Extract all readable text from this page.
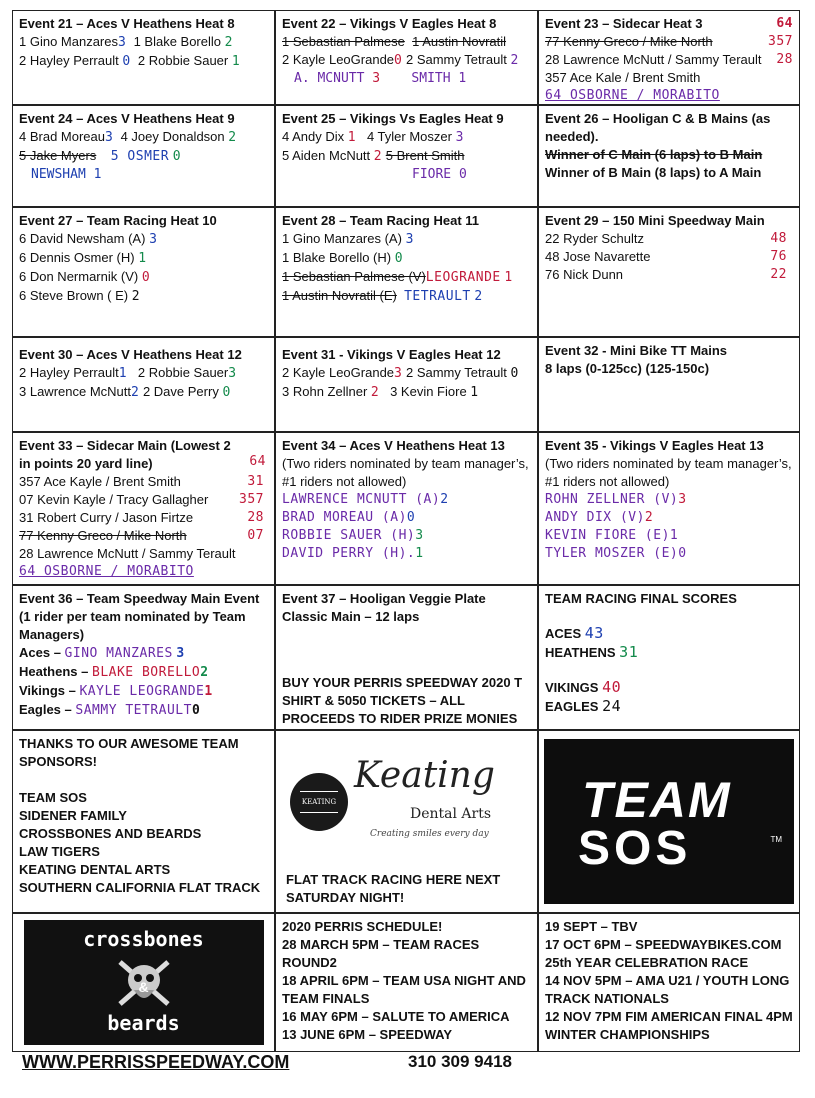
Event 21 – Aces V Heathens Heat 8
1 Gino Manzares3 1 Blake Borello 2
2 Hayley Perrault 0 2 Robbie Sauer 1
Event 22 – Vikings V Eagles Heat 8
1 Sebastian Palmese 1 Austin Novratil
2 Kayle LeoGrande0 2 Sammy Tetrault 2
A. MCNUTT 3 SMITH 1
Event 23 – Sidecar Heat 3	64
77 Kenny Greco / Mike North	357
28 Lawrence McNutt / Sammy Terault 28
357 Ace Kale / Brent Smith
64 OSBORNE / MORABITO
Event 24 – Aces V Heathens Heat 9
4 Brad Moreau3 4 Joey Donaldson 2
5 Jake Myers 5 OSMER 0
NEWSHAM 1
Event 25 – Vikings Vs Eagles Heat 9
4 Andy Dix 1 4 Tyler Moszer 3
5 Aiden McNutt 2 5 Brent Smith
FIORE 0
Event 26 – Hooligan C & B Mains (as needed).
Winner of C Main (6 laps) to B Main
Winner of B Main (8 laps) to A Main
Event 27 – Team Racing Heat 10
6 David Newsham (A) 3
6 Dennis Osmer (H) 1
6 Don Nermarnik (V) 0
6 Steve Brown ( E) 2
Event 28 – Team Racing Heat 11
1 Gino Manzares (A) 3
1 Blake Borello (H) 0
1 Sebastian Palmese (V)LEOGRANDE 1
1 Austin Novratil (E) TETRAULT 2
Event 29 – 150 Mini Speedway Main
22 Ryder Schultz	48
48 Jose Navarette	76
76 Nick Dunn	22
Event 30 – Aces V Heathens Heat 12
2 Hayley Perrault1 2 Robbie Sauer3
3 Lawrence McNutt2 2 Dave Perry 0
Event 31 - Vikings V Eagles Heat 12
2 Kayle LeoGrande3 2 Sammy Tetrault 0
3 Rohn Zellner 2 3 Kevin Fiore 1
Event 32 - Mini Bike TT Mains
8 laps (0-125cc) (125-150c)
Event 33 – Sidecar Main (Lowest 2 in points 20 yard line)	64
357 Ace Kayle / Brent Smith	31
07 Kevin Kayle / Tracy Gallagher 357
31 Robert Curry / Jason Firtze	28
77 Kenny Greco / Mike North	07
28 Lawrence McNutt / Sammy Terault
64 OSBORNE / MORABITO
Event 34 – Aces V Heathens Heat 13
(Two riders nominated by team manager’s, #1 riders not allowed)
LAWRENCE MCNUTT (A)2
BRAD MOREAU (A)0
ROBBIE SAUER (H)3
DAVID PERRY (H).1
Event 35 - Vikings V Eagles Heat 13
(Two riders nominated by team manager’s, #1 riders not allowed)
ROHN ZELLNER (V)3
ANDY DIX (V)2
KEVIN FIORE (E)1
TYLER MOSZER (E)0
Event 36 – Team Speedway Main Event (1 rider per team nominated by Team Managers)
Aces – GINO MANZARES 3
Heathens – BLAKE BORELLO2
Vikings – KAYLE LEOGRANDE1
Eagles – SAMMY TETRAULT0
Event 37 – Hooligan Veggie Plate Classic Main – 12 laps
BUY YOUR PERRIS SPEEDWAY 2020 T SHIRT & 5050 TICKETS – ALL PROCEEDS TO RIDER PRIZE MONIES
TEAM RACING FINAL SCORES
ACES 43
HEATHENS 31
VIKINGS 40
EAGLES 24
THANKS TO OUR AWESOME TEAM SPONSORS!
TEAM SOS
SIDENER FAMILY
CROSSBONES AND BEARDS
LAW TIGERS
KEATING DENTAL ARTS
SOUTHERN CALIFORNIA FLAT TRACK
KEATING
Keating
Dental Arts
Creating smiles every day
FLAT TRACK RACING HERE NEXT SATURDAY NIGHT!
TEAM
SOS	TM
crossbones
&
beards
2020 PERRIS SCHEDULE!
28 MARCH 5PM – TEAM RACES ROUND2
18 APRIL 6PM – TEAM USA NIGHT AND TEAM FINALS
16 MAY 6PM – SALUTE TO AMERICA
13 JUNE 6PM – SPEEDWAY
19 SEPT – TBV
17 OCT 6PM – SPEEDWAYBIKES.COM 25th YEAR CELEBRATION RACE
14 NOV 5PM – AMA U21 / YOUTH LONG TRACK NATIONALS
12 NOV 7PM FIM AMERICAN FINAL 4PM WINTER CHAMPIONSHIPS
WWW.PERRISSPEEDWAY.COM	310 309 9418
